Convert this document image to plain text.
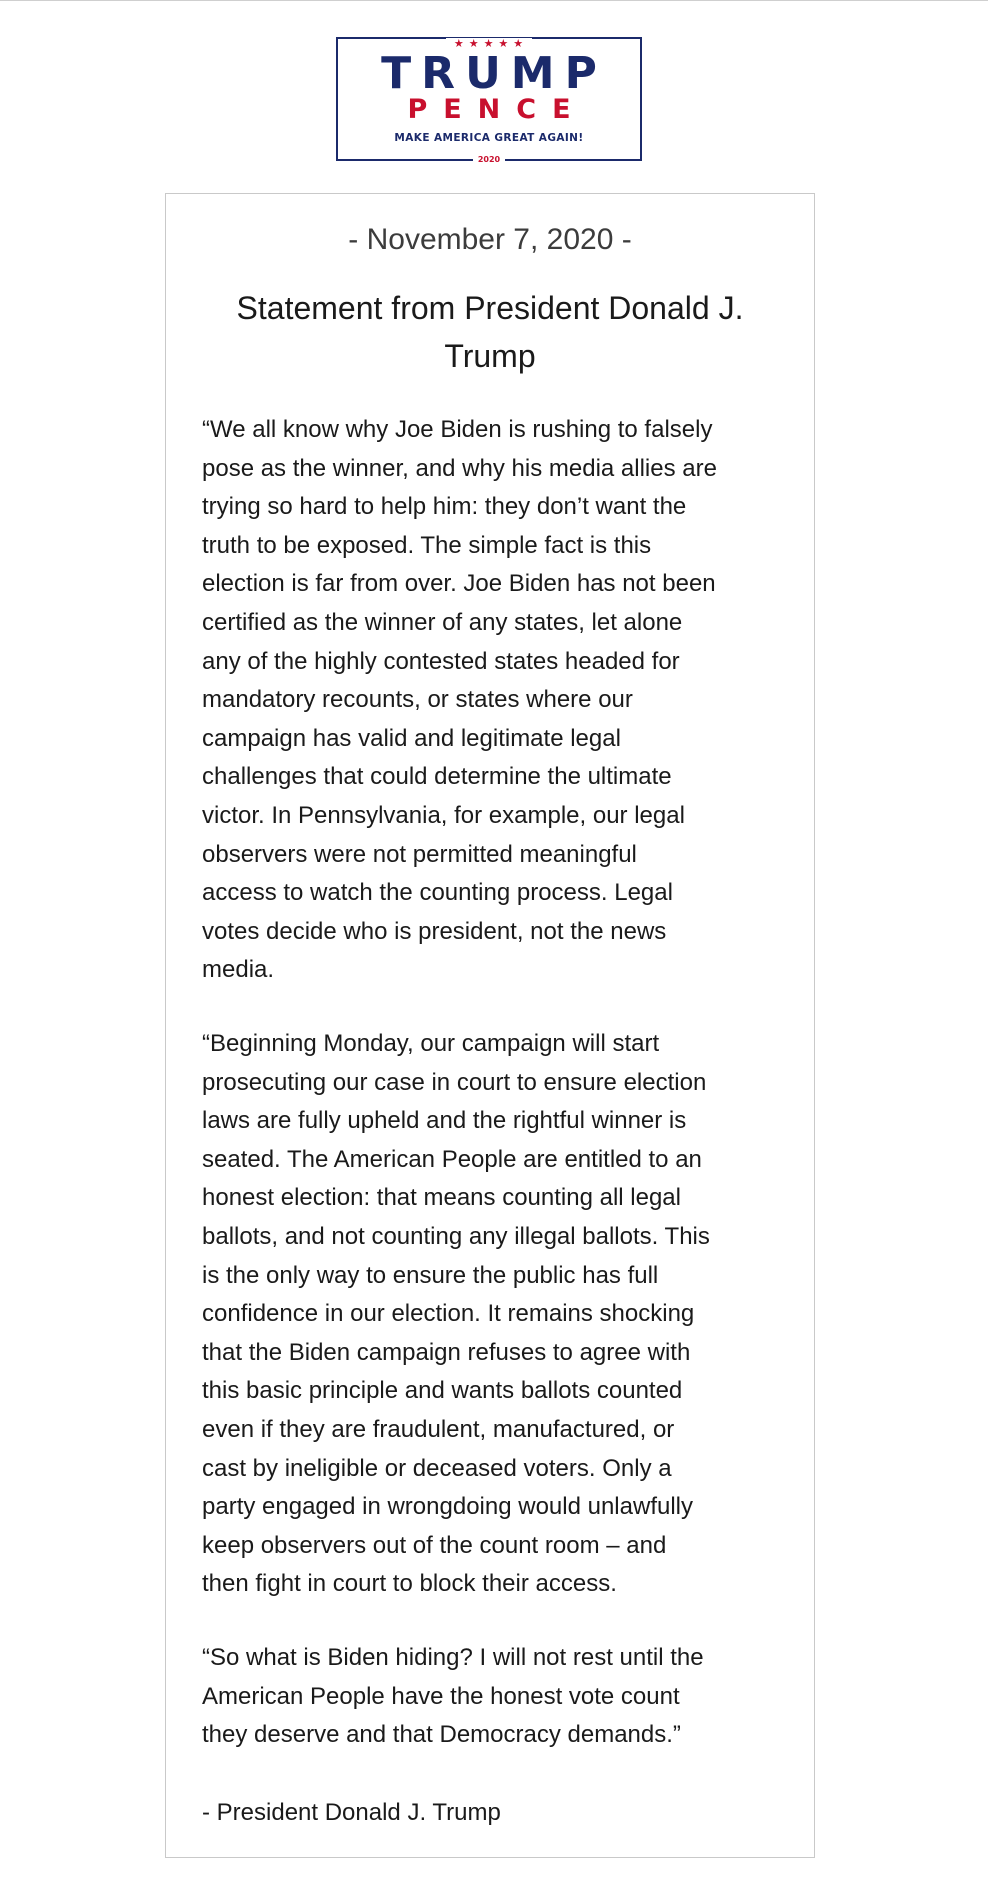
★★★★★
TRUMP
PENCE
MAKE AMERICA GREAT AGAIN!
2020
- November 7, 2020 -
Statement from President Donald J.
Trump
“We all know why Joe Biden is rushing to falsely
pose as the winner, and why his media allies are
trying so hard to help him: they don’t want the
truth to be exposed. The simple fact is this
election is far from over. Joe Biden has not been
certified as the winner of any states, let alone
any of the highly contested states headed for
mandatory recounts, or states where our
campaign has valid and legitimate legal
challenges that could determine the ultimate
victor. In Pennsylvania, for example, our legal
observers were not permitted meaningful
access to watch the counting process. Legal
votes decide who is president, not the news
media.
“Beginning Monday, our campaign will start
prosecuting our case in court to ensure election
laws are fully upheld and the rightful winner is
seated. The American People are entitled to an
honest election: that means counting all legal
ballots, and not counting any illegal ballots. This
is the only way to ensure the public has full
confidence in our election. It remains shocking
that the Biden campaign refuses to agree with
this basic principle and wants ballots counted
even if they are fraudulent, manufactured, or
cast by ineligible or deceased voters. Only a
party engaged in wrongdoing would unlawfully
keep observers out of the count room – and
then fight in court to block their access.
“So what is Biden hiding? I will not rest until the
American People have the honest vote count
they deserve and that Democracy demands.”
- President Donald J. Trump
